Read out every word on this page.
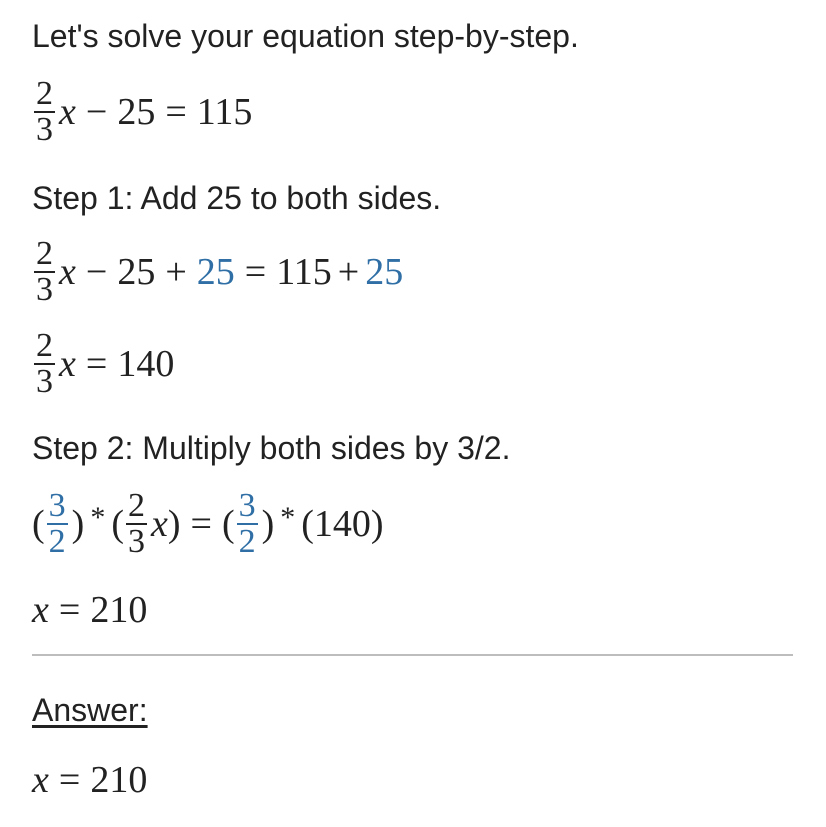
Let's solve your equation step-by-step.
$\frac{2}{3}$ x − 25 = 115
Step 1: Add 25 to both sides.
$\frac{2}{3}$ x − 25 + 25 = 115 + 25
$\frac{2}{3}$ x = 140
Step 2: Multiply both sides by 3/2.
( $\frac{3}{2}$ ) * ( $\frac{2}{3}$ x ) = ( $\frac{3}{2}$ ) * (140)
x = 210
Answer:
x = 210
